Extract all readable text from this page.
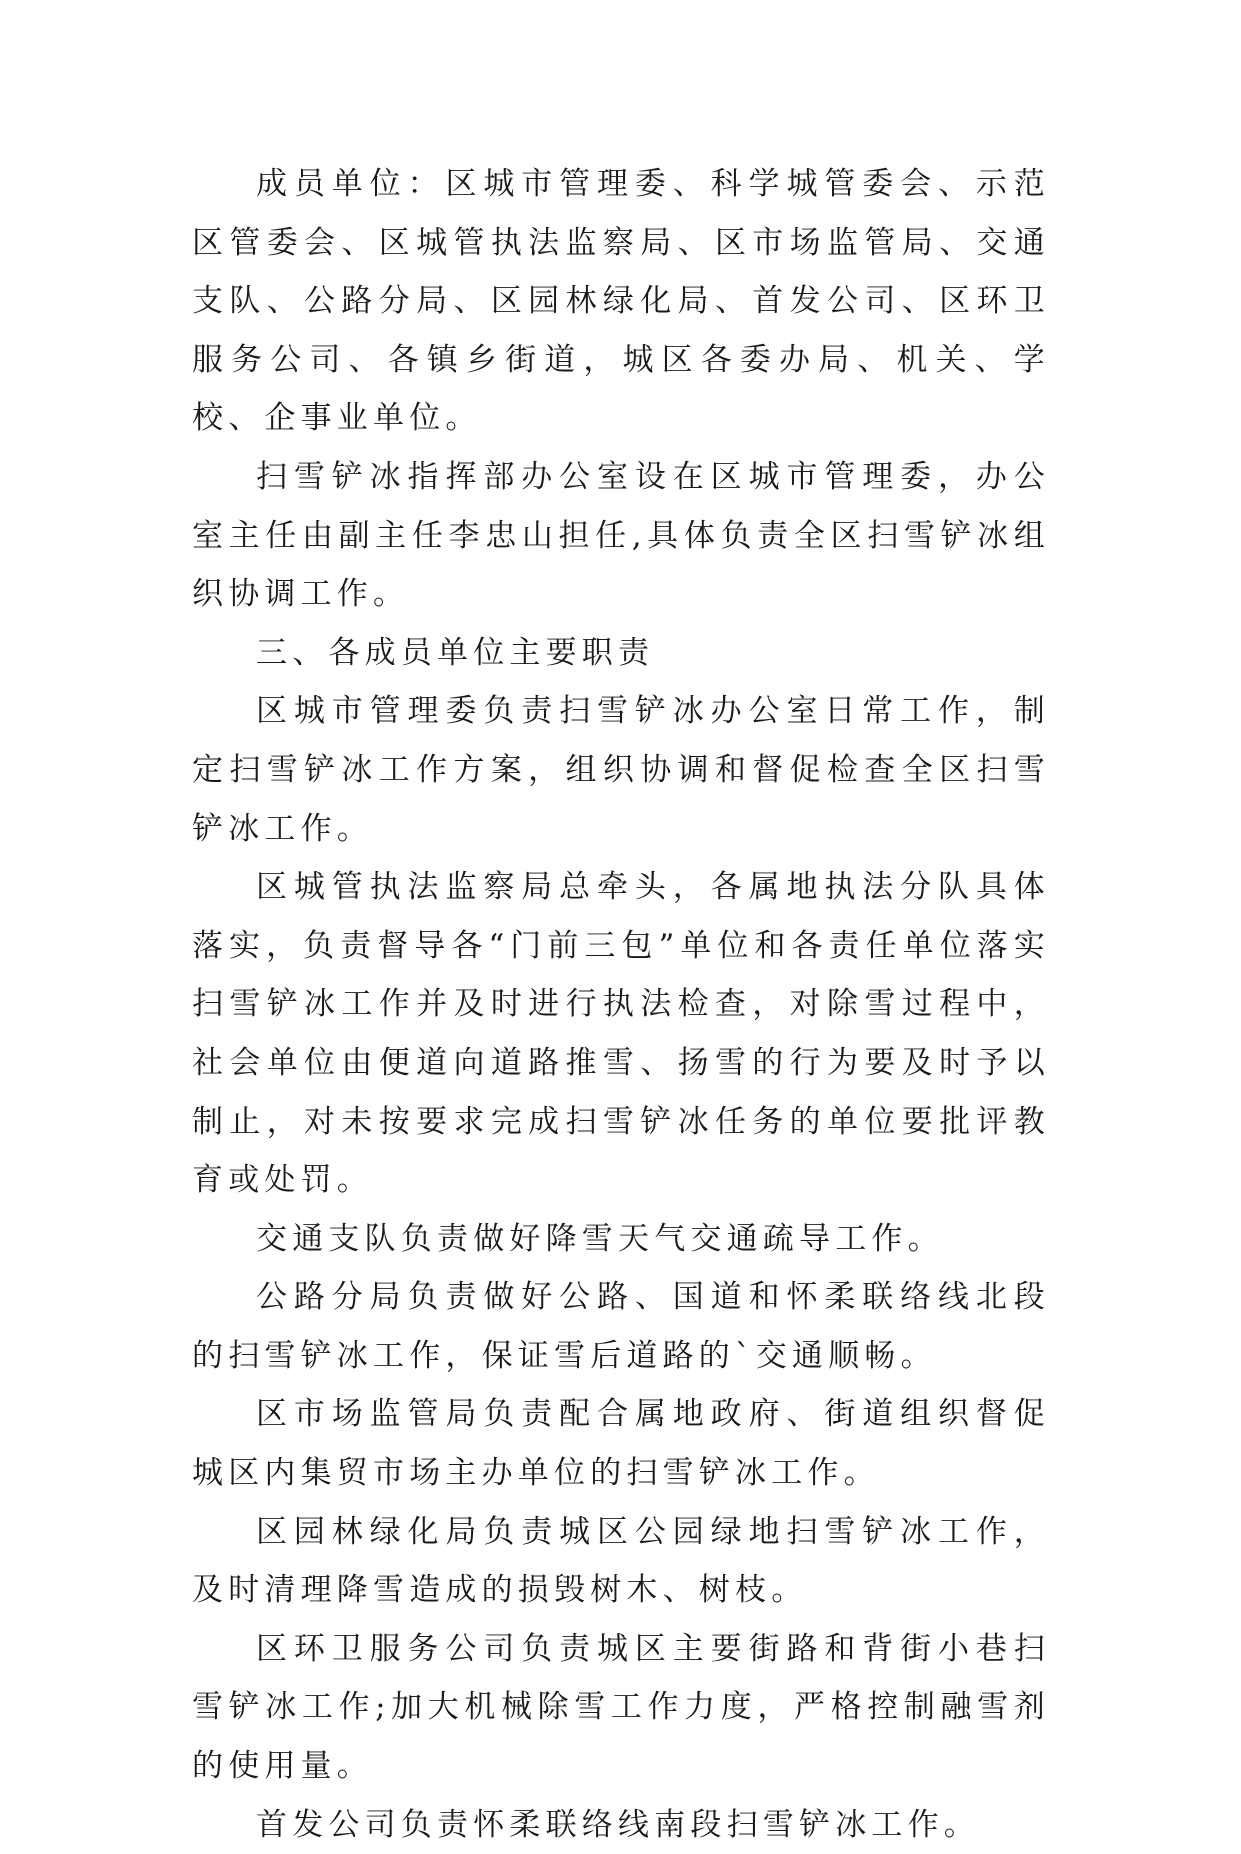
成员单位：区城市管理委、科学城管委会、示范区管委会、区城管执法监察局、区市场监管局、交通支队、公路分局、区园林绿化局、首发公司、区环卫服务公司、各镇乡街道，城区各委办局、机关、学校、企事业单位。

扫雪铲冰指挥部办公室设在区城市管理委，办公室主任由副主任李忠山担任,具体负责全区扫雪铲冰组织协调工作。

三、各成员单位主要职责

区城市管理委负责扫雪铲冰办公室日常工作，制定扫雪铲冰工作方案，组织协调和督促检查全区扫雪铲冰工作。

区城管执法监察局总牵头，各属地执法分队具体落实，负责督导各“门前三包”单位和各责任单位落实扫雪铲冰工作并及时进行执法检查，对除雪过程中，社会单位由便道向道路推雪、扬雪的行为要及时予以制止，对未按要求完成扫雪铲冰任务的单位要批评教育或处罚。

交通支队负责做好降雪天气交通疏导工作。

公路分局负责做好公路、国道和怀柔联络线北段的扫雪铲冰工作，保证雪后道路的`交通顺畅。

区市场监管局负责配合属地政府、街道组织督促城区内集贸市场主办单位的扫雪铲冰工作。

区园林绿化局负责城区公园绿地扫雪铲冰工作，及时清理降雪造成的损毁树木、树枝。

区环卫服务公司负责城区主要街路和背街小巷扫雪铲冰工作;加大机械除雪工作力度，严格控制融雪剂的使用量。

首发公司负责怀柔联络线南段扫雪铲冰工作。
